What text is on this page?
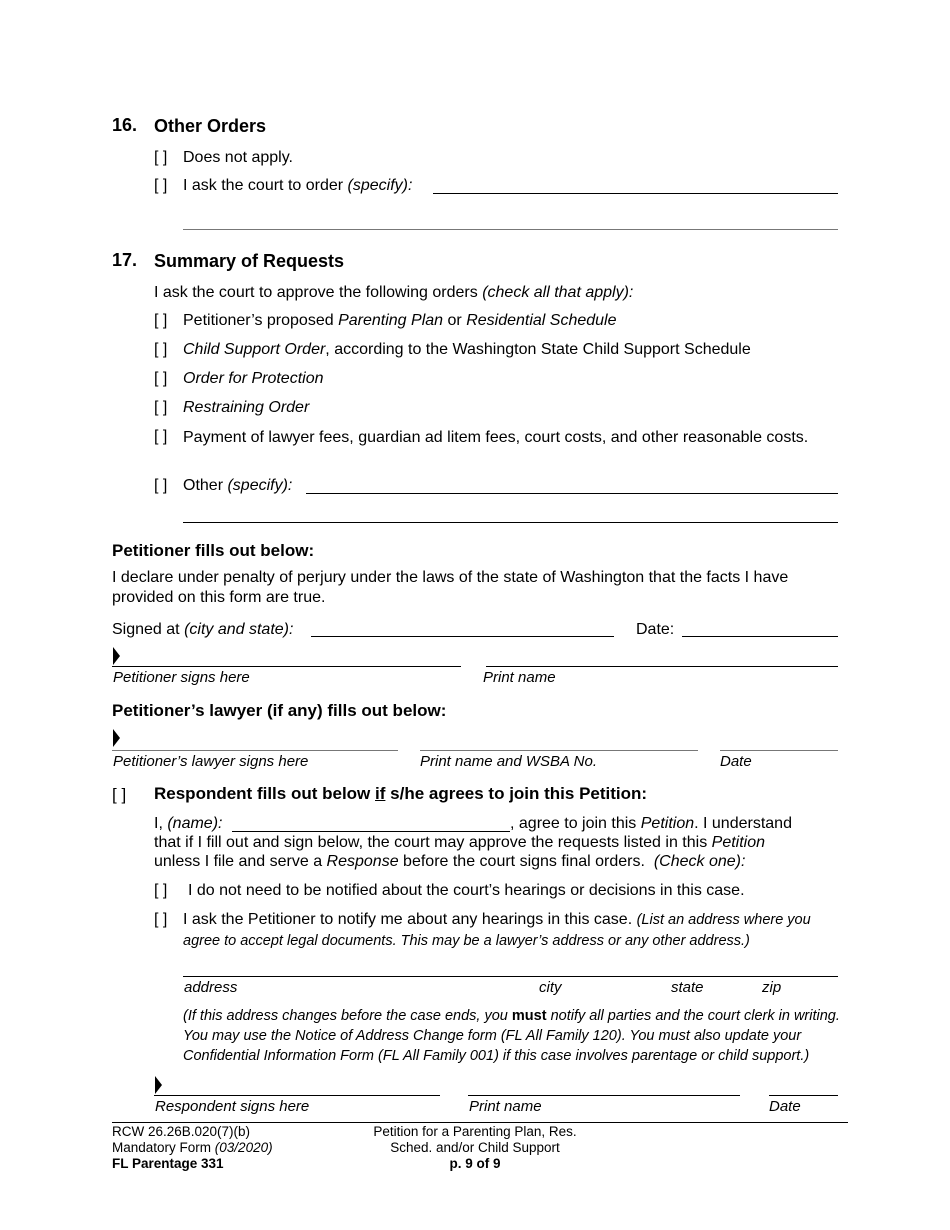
16. Other Orders
[ ] Does not apply.
[ ] I ask the court to order (specify):
17. Summary of Requests
I ask the court to approve the following orders (check all that apply):
[ ] Petitioner’s proposed Parenting Plan or Residential Schedule
[ ] Child Support Order, according to the Washington State Child Support Schedule
[ ] Order for Protection
[ ] Restraining Order
[ ] Payment of lawyer fees, guardian ad litem fees, court costs, and other reasonable costs.
[ ] Other (specify):
Petitioner fills out below:
I declare under penalty of perjury under the laws of the state of Washington that the facts I have provided on this form are true.
Signed at (city and state):	Date:
Petitioner signs here	Print name
Petitioner’s lawyer (if any) fills out below:
Petitioner’s lawyer signs here	Print name and WSBA No.	Date
[ ] Respondent fills out below if s/he agrees to join this Petition:
I, (name):	, agree to join this Petition. I understand
that if I fill out and sign below, the court may approve the requests listed in this Petition
unless I file and serve a Response before the court signs final orders. (Check one):
[ ] I do not need to be notified about the court’s hearings or decisions in this case.
[ ] I ask the Petitioner to notify me about any hearings in this case. (List an address where you
agree to accept legal documents. This may be a lawyer’s address or any other address.)
address	city	state	zip
(If this address changes before the case ends, you must notify all parties and the court clerk in writing.
You may use the Notice of Address Change form (FL All Family 120). You must also update your
Confidential Information Form (FL All Family 001) if this case involves parentage or child support.)
Respondent signs here	Print name	Date
RCW 26.26B.020(7)(b)
Mandatory Form (03/2020)
FL Parentage 331
Petition for a Parenting Plan, Res.
Sched. and/or Child Support
p. 9 of 9
